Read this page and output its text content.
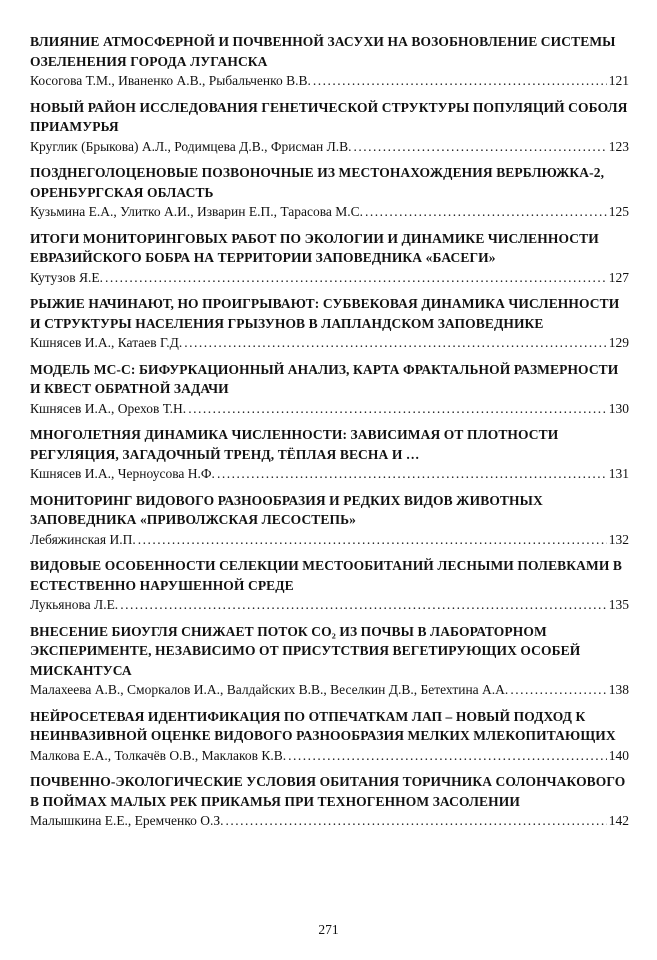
ВЛИЯНИЕ АТМОСФЕРНОЙ И ПОЧВЕННОЙ ЗАСУХИ НА ВОЗОБНОВЛЕНИЕ СИСТЕМЫ ОЗЕЛЕНЕНИЯ ГОРОДА ЛУГАНСКА
Косогова Т.М., Иваненко А.В., Рыбальченко В.В. .....	121
НОВЫЙ РАЙОН ИССЛЕДОВАНИЯ ГЕНЕТИЧЕСКОЙ СТРУКТУРЫ ПОПУЛЯЦИЙ СОБОЛЯ ПРИАМУРЬЯ
Круглик (Брыкова) А.Л., Родимцева Д.В., Фрисман Л.В. .....	123
ПОЗДНЕГОЛОЦЕНОВЫЕ ПОЗВОНОЧНЫЕ ИЗ МЕСТОНАХОЖДЕНИЯ ВЕРБЛЮЖКА-2, ОРЕНБУРГСКАЯ ОБЛАСТЬ
Кузьмина Е.А., Улитко А.И., Изварин Е.П., Тарасова М.С. .....	125
ИТОГИ МОНИТОРИНГОВЫХ РАБОТ ПО ЭКОЛОГИИ И ДИНАМИКЕ ЧИСЛЕННОСТИ ЕВРАЗИЙСКОГО БОБРА НА ТЕРРИТОРИИ ЗАПОВЕДНИКА «БАСЕГИ»
Кутузов Я.Е. .....	127
РЫЖИЕ НАЧИНАЮТ, НО ПРОИГРЫВАЮТ: СУБВЕКОВАЯ ДИНАМИКА ЧИСЛЕННОСТИ И СТРУКТУРЫ НАСЕЛЕНИЯ ГРЫЗУНОВ В ЛАПЛАНДСКОМ ЗАПОВЕДНИКЕ
Кшнясев И.А., Катаев Г.Д. .....	129
МОДЕЛЬ МС-С: БИФУРКАЦИОННЫЙ АНАЛИЗ, КАРТА ФРАКТАЛЬНОЙ РАЗМЕРНОСТИ И КВЕСТ ОБРАТНОЙ ЗАДАЧИ
Кшнясев И.А., Орехов Т.Н. .....	130
МНОГОЛЕТНЯЯ ДИНАМИКА ЧИСЛЕННОСТИ: ЗАВИСИМАЯ ОТ ПЛОТНОСТИ РЕГУЛЯЦИЯ, ЗАГАДОЧНЫЙ ТРЕНД, ТЁПЛАЯ ВЕСНА И …
Кшнясев И.А., Черноусова Н.Ф. .....	131
МОНИТОРИНГ ВИДОВОГО РАЗНООБРАЗИЯ И РЕДКИХ ВИДОВ ЖИВОТНЫХ ЗАПОВЕДНИКА «ПРИВОЛЖСКАЯ ЛЕСОСТЕПЬ»
Лебяжинская И.П. .....	132
ВИДОВЫЕ ОСОБЕННОСТИ СЕЛЕКЦИИ МЕСТООБИТАНИЙ ЛЕСНЫМИ ПОЛЕВКАМИ В ЕСТЕСТВЕННО НАРУШЕННОЙ СРЕДЕ
Лукьянова Л.Е. .....	135
ВНЕСЕНИЕ БИОУГЛЯ СНИЖАЕТ ПОТОК CO₂ ИЗ ПОЧВЫ В ЛАБОРАТОРНОМ ЭКСПЕРИМЕНТЕ, НЕЗАВИСИМО ОТ ПРИСУТСТВИЯ ВЕГЕТИРУЮЩИХ ОСОБЕЙ МИСКАНТУСА
Малахеева А.В., Сморкалов И.А., Валдайских В.В., Веселкин Д.В., Бетехтина А.А. .....	138
НЕЙРОСЕТЕВАЯ ИДЕНТИФИКАЦИЯ ПО ОТПЕЧАТКАМ ЛАП – НОВЫЙ ПОДХОД К НЕИНВАЗИВНОЙ ОЦЕНКЕ ВИДОВОГО РАЗНООБРАЗИЯ МЕЛКИХ МЛЕКОПИТАЮЩИХ
Малкова Е.А., Толкачёв О.В., Маклаков К.В. .....	140
ПОЧВЕННО-ЭКОЛОГИЧЕСКИЕ УСЛОВИЯ ОБИТАНИЯ ТОРИЧНИКА СОЛОНЧАКОВОГО В ПОЙМАХ МАЛЫХ РЕК ПРИКАМЬЯ ПРИ ТЕХНОГЕННОМ ЗАСОЛЕНИИ
Малышкина Е.Е., Еремченко О.З. .....	142
271
